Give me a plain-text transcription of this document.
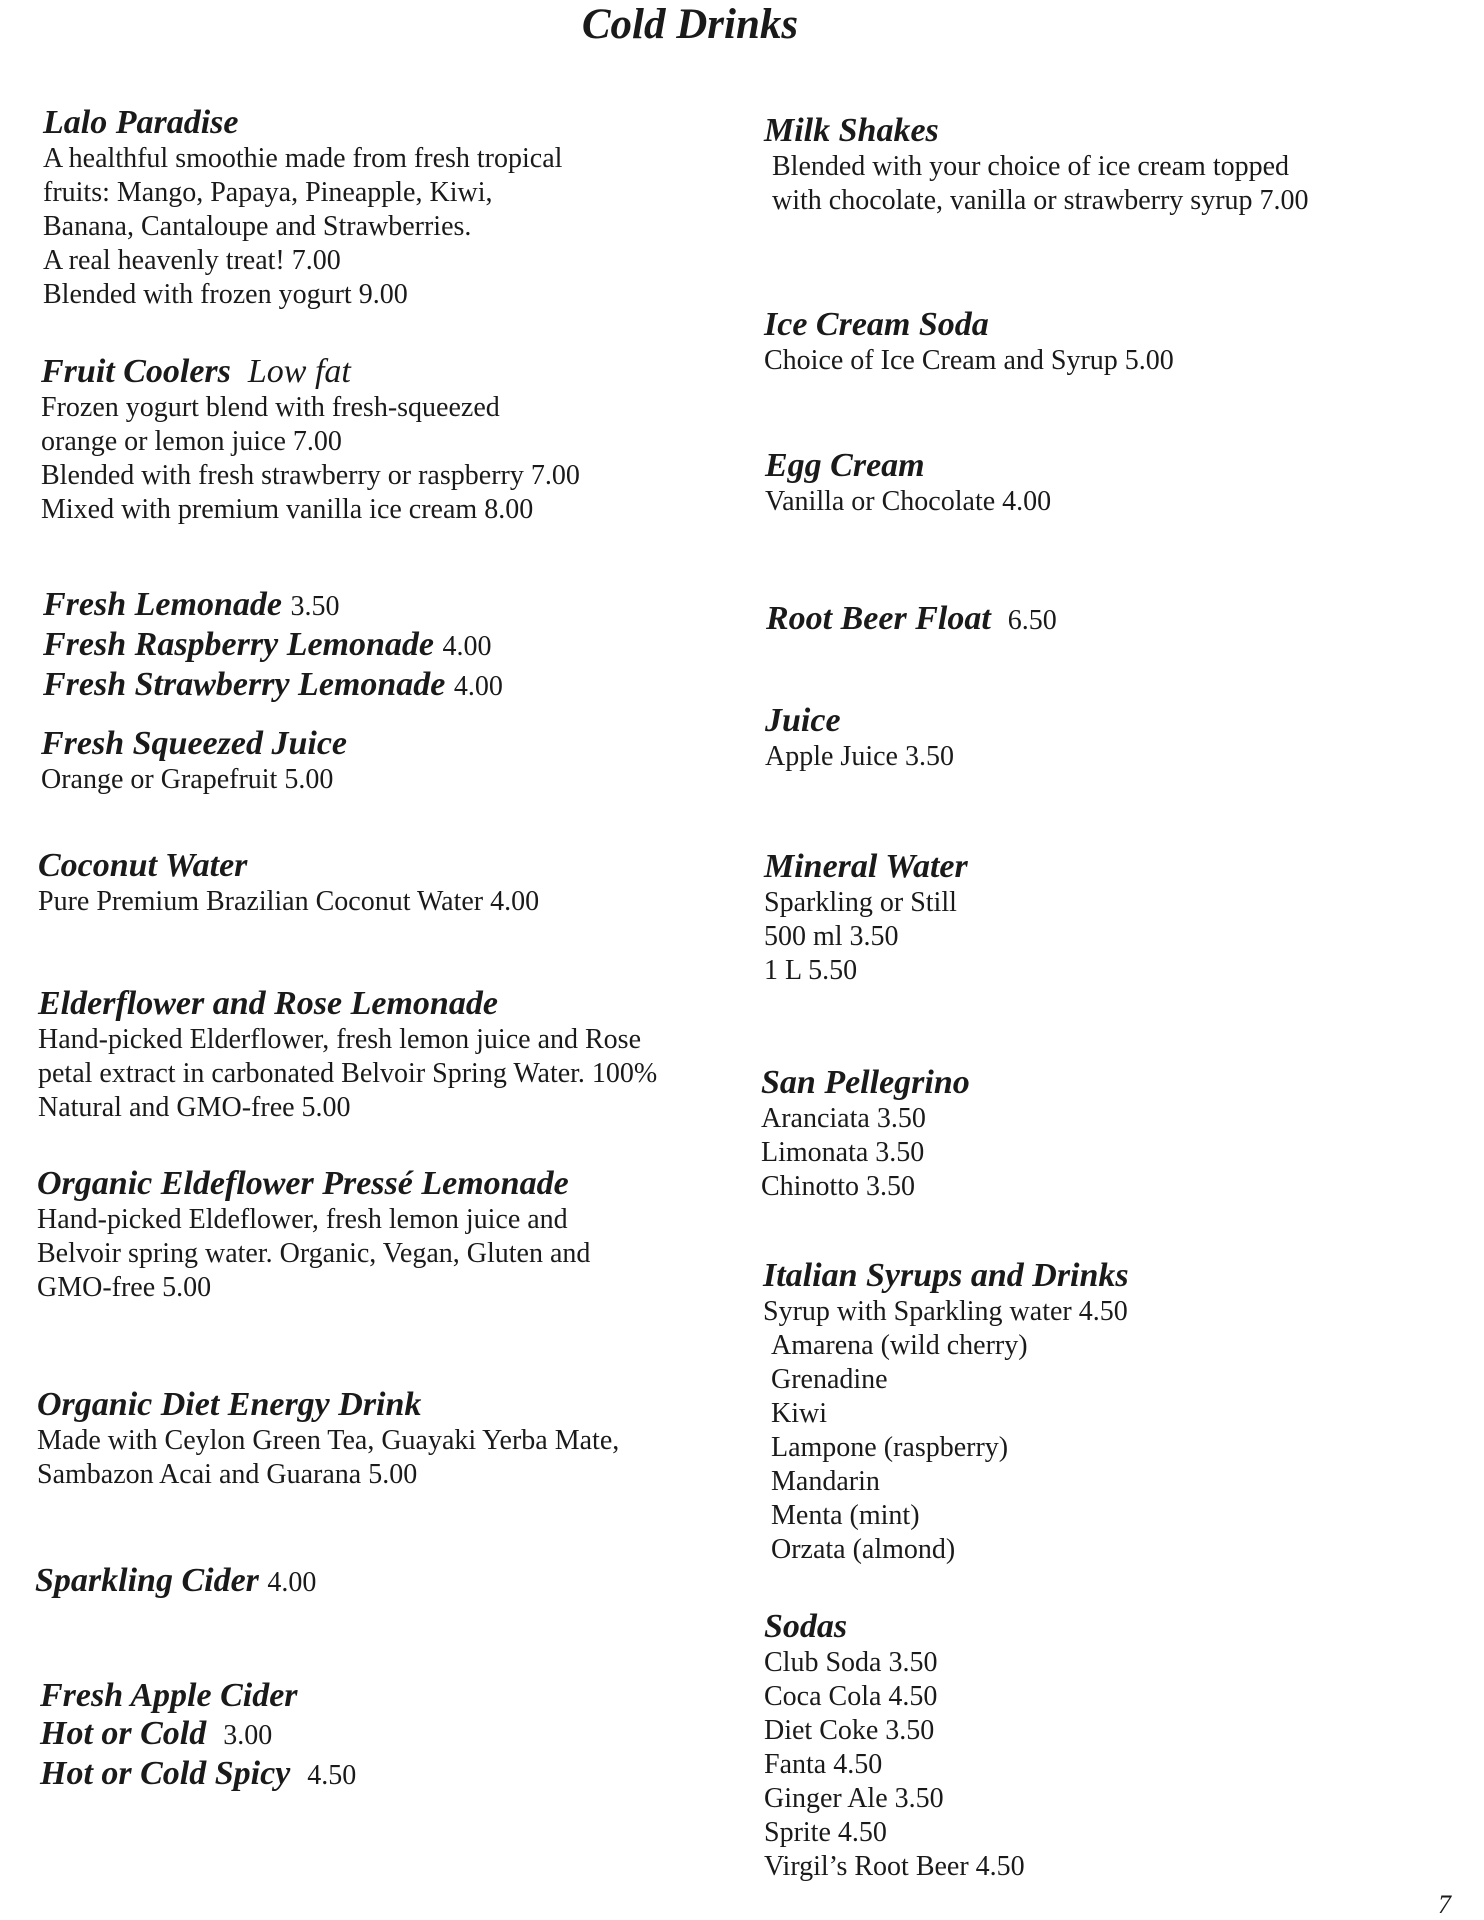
Cold Drinks
Lalo Paradise
A healthful smoothie made from fresh tropical
fruits: Mango, Papaya, Pineapple, Kiwi,
Banana, Cantaloupe and Strawberries.
A real heavenly treat! 7.00
Blended with frozen yogurt 9.00
Fruit Coolers Low fat
Frozen yogurt blend with fresh-squeezed
orange or lemon juice 7.00
Blended with fresh strawberry or raspberry 7.00
Mixed with premium vanilla ice cream 8.00
Fresh Lemonade 3.50
Fresh Raspberry Lemonade 4.00
Fresh Strawberry Lemonade 4.00
Fresh Squeezed Juice
Orange or Grapefruit 5.00
Coconut Water
Pure Premium Brazilian Coconut Water 4.00
Elderflower and Rose Lemonade
Hand-picked Elderflower, fresh lemon juice and Rose
petal extract in carbonated Belvoir Spring Water. 100%
Natural and GMO-free 5.00
Organic Eldeflower Pressé Lemonade
Hand-picked Eldeflower, fresh lemon juice and
Belvoir spring water. Organic, Vegan, Gluten and
GMO-free 5.00
Organic Diet Energy Drink
Made with Ceylon Green Tea, Guayaki Yerba Mate,
Sambazon Acai and Guarana 5.00
Sparkling Cider 4.00
Fresh Apple Cider
Hot or Cold 3.00
Hot or Cold Spicy 4.50
Milk Shakes
Blended with your choice of ice cream topped
with chocolate, vanilla or strawberry syrup 7.00
Ice Cream Soda
Choice of Ice Cream and Syrup 5.00
Egg Cream
Vanilla or Chocolate 4.00
Root Beer Float 6.50
Juice
Apple Juice 3.50
Mineral Water
Sparkling or Still
500 ml 3.50
1 L 5.50
San Pellegrino
Aranciata 3.50
Limonata 3.50
Chinotto 3.50
Italian Syrups and Drinks
Syrup with Sparkling water 4.50
Amarena (wild cherry)
Grenadine
Kiwi
Lampone (raspberry)
Mandarin
Menta (mint)
Orzata (almond)
Sodas
Club Soda 3.50
Coca Cola 4.50
Diet Coke 3.50
Fanta 4.50
Ginger Ale 3.50
Sprite 4.50
Virgil’s Root Beer 4.50
7
